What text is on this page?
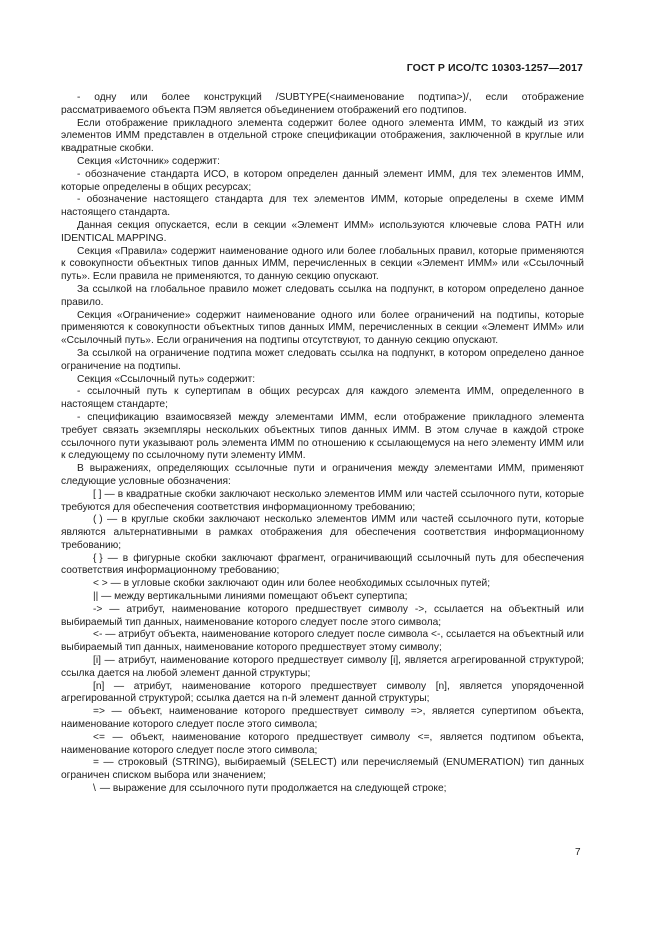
ГОСТ Р ИСО/ТС 10303-1257—2017

- одну или более конструкций /SUBTYPE(<наименование подтипа>)/, если отображение рассматриваемого объекта ПЭМ является объединением отображений его подтипов.

Если отображение прикладного элемента содержит более одного элемента ИММ, то каждый из этих элементов ИММ представлен в отдельной строке спецификации отображения, заключенной в круглые или квадратные скобки.

Секция «Источник» содержит:

- обозначение стандарта ИСО, в котором определен данный элемент ИММ, для тех элементов ИММ, которые определены в общих ресурсах;

- обозначение настоящего стандарта для тех элементов ИММ, которые определены в схеме ИММ настоящего стандарта.

Данная секция опускается, если в секции «Элемент ИММ» используются ключевые слова PATH или IDENTICAL MAPPING.

Секция «Правила» содержит наименование одного или более глобальных правил, которые применяются к совокупности объектных типов данных ИММ, перечисленных в секции «Элемент ИММ» или «Ссылочный путь». Если правила не применяются, то данную секцию опускают.

За ссылкой на глобальное правило может следовать ссылка на подпункт, в котором определено данное правило.

Секция «Ограничение» содержит наименование одного или более ограничений на подтипы, которые применяются к совокупности объектных типов данных ИММ, перечисленных в секции «Элемент ИММ» или «Ссылочный путь». Если ограничения на подтипы отсутствуют, то данную секцию опускают.

За ссылкой на ограничение подтипа может следовать ссылка на подпункт, в котором определено данное ограничение на подтипы.

Секция «Ссылочный путь» содержит:

- ссылочный путь к супертипам в общих ресурсах для каждого элемента ИММ, определенного в настоящем стандарте;

- спецификацию взаимосвязей между элементами ИММ, если отображение прикладного элемента требует связать экземпляры нескольких объектных типов данных ИММ. В этом случае в каждой строке ссылочного пути указывают роль элемента ИММ по отношению к ссылающемуся на него элементу ИММ или к следующему по ссылочному пути элементу ИММ.

В выражениях, определяющих ссылочные пути и ограничения между элементами ИММ, применяют следующие условные обозначения:

[ ] — в квадратные скобки заключают несколько элементов ИММ или частей ссылочного пути, которые требуются для обеспечения соответствия информационному требованию;

( ) — в круглые скобки заключают несколько элементов ИММ или частей ссылочного пути, которые являются альтернативными в рамках отображения для обеспечения соответствия информационному требованию;

{ } — в фигурные скобки заключают фрагмент, ограничивающий ссылочный путь для обеспечения соответствия информационному требованию;

< > — в угловые скобки заключают один или более необходимых ссылочных путей;

|| — между вертикальными линиями помещают объект супертипа;

-> — атрибут, наименование которого предшествует символу ->, ссылается на объектный или выбираемый тип данных, наименование которого следует после этого символа;

<- — атрибут объекта, наименование которого следует после символа <-, ссылается на объектный или выбираемый тип данных, наименование которого предшествует этому символу;

[i] — атрибут, наименование которого предшествует символу [i], является агрегированной структурой; ссылка дается на любой элемент данной структуры;

[n] — атрибут, наименование которого предшествует символу [n], является упорядоченной агрегированной структурой; ссылка дается на n-й элемент данной структуры;

=> — объект, наименование которого предшествует символу =>, является супертипом объекта, наименование которого следует после этого символа;

<= — объект, наименование которого предшествует символу <=, является подтипом объекта, наименование которого следует после этого символа;

= — строковый (STRING), выбираемый (SELECT) или перечисляемый (ENUMERATION) тип данных ограничен списком выбора или значением;

\ — выражение для ссылочного пути продолжается на следующей строке;

7
